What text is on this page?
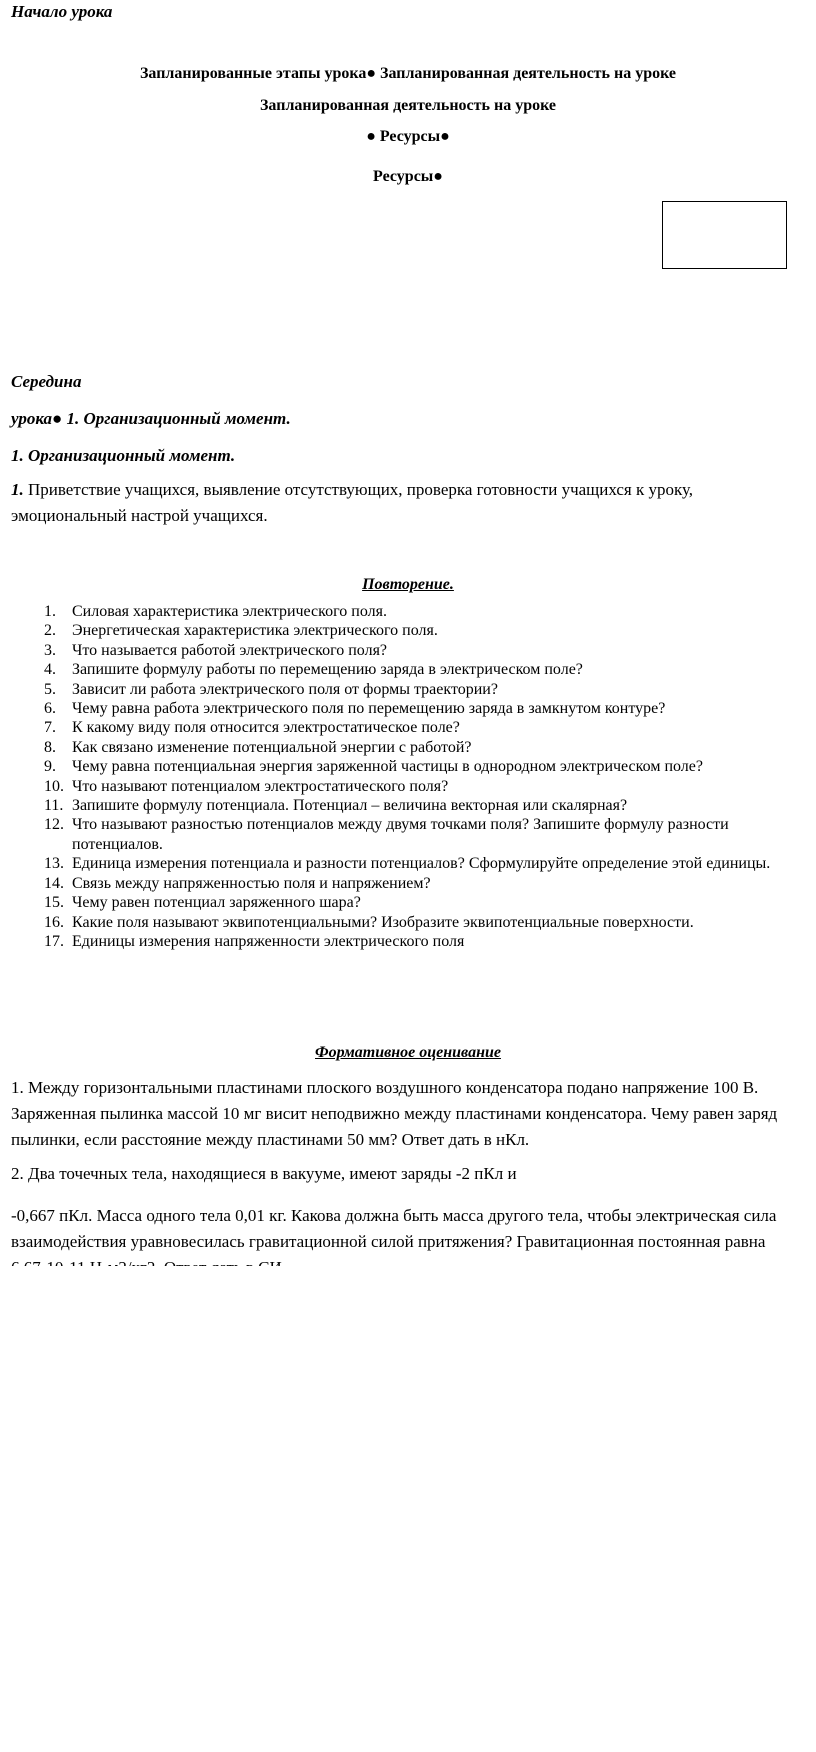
Начало урока
Запланированные этапы урока● Запланированная деятельность на уроке
Запланированная деятельность на уроке
● Ресурсы●
Ресурсы●
Середина
урока● 1. Организационный момент.
1. Организационный момент.
1. Приветствие учащихся, выявление отсутствующих, проверка готовности учащихся к уроку, эмоциональный настрой учащихся.
Повторение.
1.	Силовая характеристика электрического поля.
2.	Энергетическая характеристика электрического поля.
3.	Что называется работой электрического поля?
4.	Запишите формулу работы по перемещению заряда в электрическом поле?
5.	Зависит ли работа электрического поля от формы траектории?
6.	Чему равна работа электрического поля по перемещению заряда в замкнутом контуре?
7.	К какому виду поля относится электростатическое поле?
8.	Как связано изменение потенциальной энергии с работой?
9.	Чему равна потенциальная энергия заряженной частицы в однородном электрическом поле?
10. Что называют потенциалом электростатического поля?
11. Запишите формулу потенциала. Потенциал – величина векторная или скалярная?
12. Что называют разностью потенциалов между двумя точками поля? Запишите формулу разности потенциалов.
13. Единица измерения потенциала и разности потенциалов? Сформулируйте определение этой единицы.
14. Связь между напряженностью поля и напряжением?
15. Чему равен потенциал заряженного шара?
16. Какие поля называют эквипотенциальными? Изобразите эквипотенциальные поверхности.
17. Единицы измерения напряженности электрического поля
Формативное оценивание
1. Между горизонтальными пластинами плоского воздушного конденсатора подано напряжение 100 В. Заряженная пылинка массой 10 мг висит неподвижно между пластинами конденсатора. Чему равен заряд пылинки, если расстояние между пластинами 50 мм? Ответ дать в нКл.
2. Два точечных тела, находящиеся в вакууме, имеют заряды -2 пКл и
-0,667 пКл. Масса одного тела 0,01 кг. Какова должна быть масса другого тела, чтобы электрическая сила взаимодействия уравновесилась гравитационной силой притяжения? Гравитационная постоянная равна
